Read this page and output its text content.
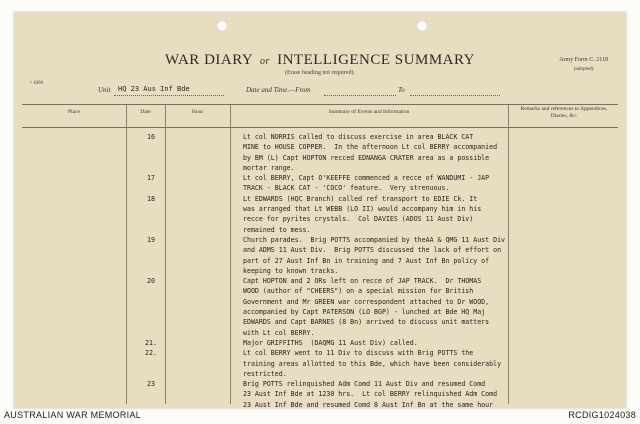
WAR DIARY or INTELLIGENCE SUMMARY
(Erase heading not required).
Army Form C. 2118
(adopted)
• 1000
Unit HQ 23 Aus Inf Bde	Date and Time.—From	To
Place	Date	Hour	Summary of Events and Information	Remarks and references to Appendices, Diaries, &c.
16	Lt col NORRIS called to discuss exercise in area BLACK CAT
MINE to HOUSE COPPER.  In the afternoon Lt col BERRY accompanied
by BM (L) Capt HOPTON recced EDNANGA CRATER area as a possible
mortar range.
17	Lt col BERRY, Capt O'KEEFFE commenced a recce of WANDUMI - JAP
TRACK - BLACK CAT - 'COCO' feature.  Very strenuous.
18	Lt EDWARDS (HQC Branch) called ref transport to EDIE Ck. It
was arranged that Lt WEBB (LO II) would accompany him in his
recce for pyrites crystals.  Col DAVIES (ADOS 11 Aust Div)
remained to mess.
19	Church parades.  Brig POTTS accompanied by theAA & QMG 11 Aust Div
and ADMS 11 Aust Div.  Brig POTTS discussed the lack of effort on
part of 27 Aust Inf Bn in training and 7 Aust Inf Bn policy of
keeping to known tracks.
20	Capt HOPTON and 2 ORs left on recce of JAP TRACK.  Dr THOMAS
WOOD (author of "CHEERS") on a special mission for British
Government and Mr GREEN war correspondent attached to Dr WOOD,
accompanied by Capt PATERSON (LO BGP) - lunched at Bde HQ Maj
EDWARDS and Capt BARNES (8 Bn) arrived to discuss unit matters
with Lt col BERRY.
21.	Major GRIFFITHS  (DAQMG 11 Aust Div) called.
22.	Lt col BERRY went to 11 Div to discuss with Brig POTTS the
training areas allotted to this Bde, which have been considerably
restricted.
23	Brig POTTS relinquished Adm Comd 11 Aust Div and resumed Comd
23 Aust Inf Bde at 1230 hrs.  Lt col BERRY relinquished Adm Comd
23 Aust Inf Bde and resumed Comd 8 Aust Inf Bn at the same hour
AUSTRALIAN WAR MEMORIAL	RCDIG1024038
